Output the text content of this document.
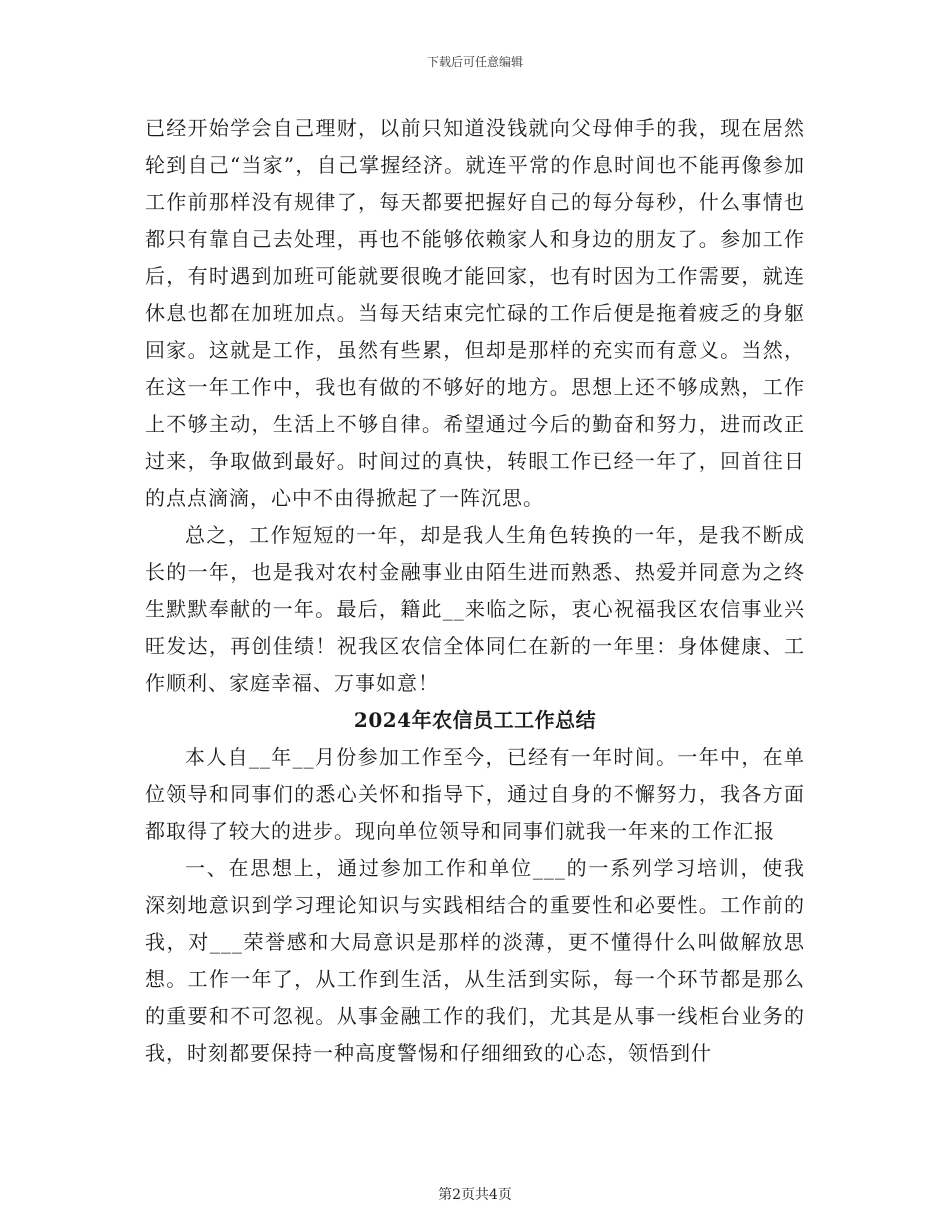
下载后可任意编辑

已经开始学会自己理财，以前只知道没钱就向父母伸手的我，现在居然轮到自己“当家”，自己掌握经济。就连平常的作息时间也不能再像参加工作前那样没有规律了，每天都要把握好自己的每分每秒，什么事情也都只有靠自己去处理，再也不能够依赖家人和身边的朋友了。参加工作后，有时遇到加班可能就要很晚才能回家，也有时因为工作需要，就连休息也都在加班加点。当每天结束完忙碌的工作后便是拖着疲乏的身躯回家。这就是工作，虽然有些累，但却是那样的充实而有意义。当然，在这一年工作中，我也有做的不够好的地方。思想上还不够成熟，工作上不够主动，生活上不够自律。希望通过今后的勤奋和努力，进而改正过来，争取做到最好。时间过的真快，转眼工作已经一年了，回首往日的点点滴滴，心中不由得掀起了一阵沉思。

总之，工作短短的一年，却是我人生角色转换的一年，是我不断成长的一年，也是我对农村金融事业由陌生进而熟悉、热爱并同意为之终生默默奉献的一年。最后，籍此__来临之际，衷心祝福我区农信事业兴旺发达，再创佳绩！祝我区农信全体同仁在新的一年里：身体健康、工作顺利、家庭幸福、万事如意！

2024年农信员工工作总结

本人自__年__月份参加工作至今，已经有一年时间。一年中，在单位领导和同事们的悉心关怀和指导下，通过自身的不懈努力，我各方面都取得了较大的进步。现向单位领导和同事们就我一年来的工作汇报

一、在思想上，通过参加工作和单位___的一系列学习培训，使我深刻地意识到学习理论知识与实践相结合的重要性和必要性。工作前的我，对___荣誉感和大局意识是那样的淡薄，更不懂得什么叫做解放思想。工作一年了，从工作到生活，从生活到实际，每一个环节都是那么的重要和不可忽视。从事金融工作的我们，尤其是从事一线柜台业务的我，时刻都要保持一种高度警惕和仔细细致的心态，领悟到什

第2页共4页
